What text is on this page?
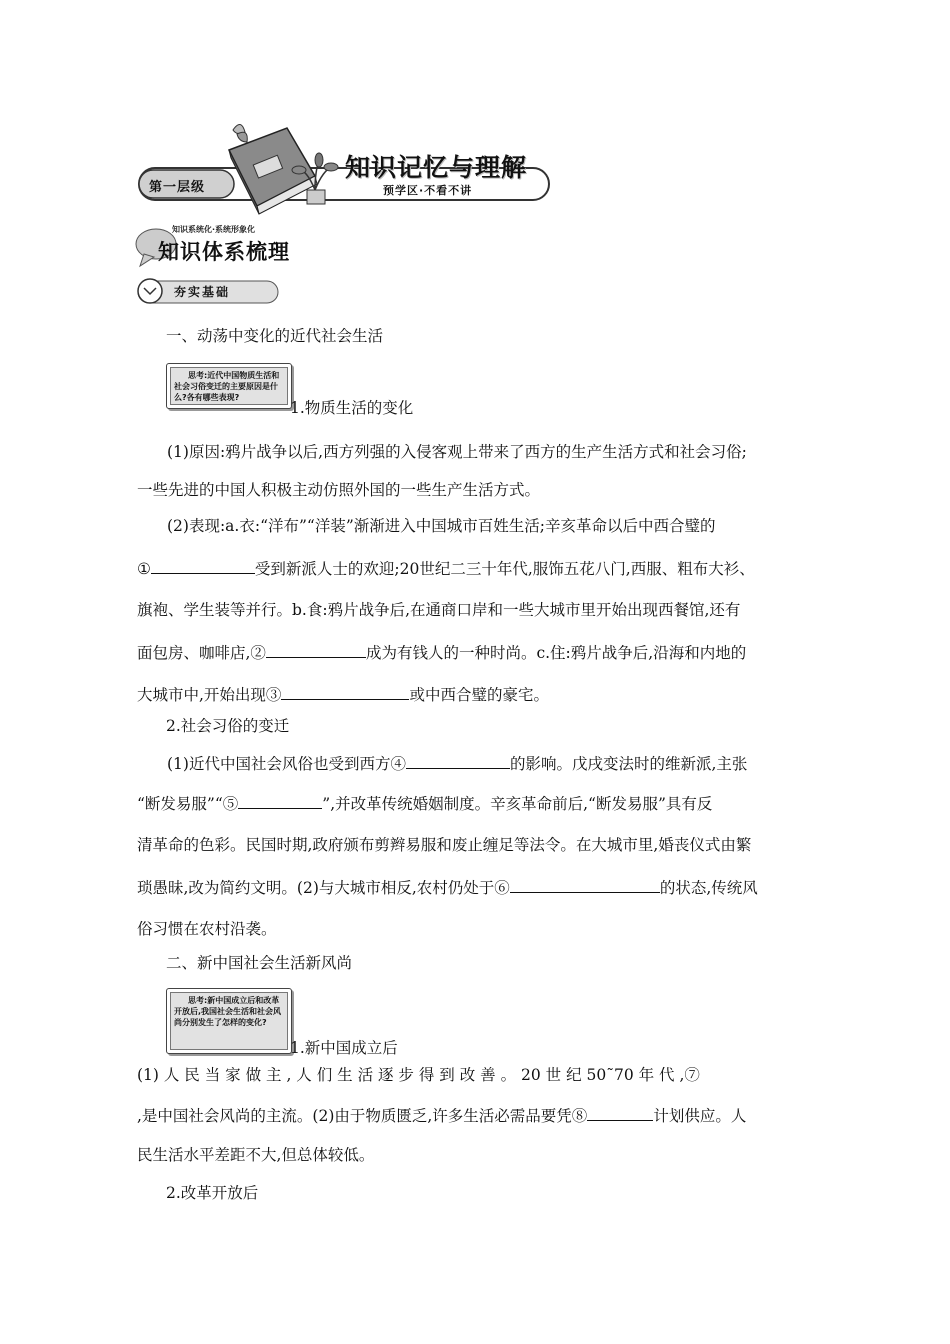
第一层级
知识记忆与理解
预学区·不看不讲
知识系统化·系统形象化
知识体系梳理
夯实基础
一、动荡中变化的近代社会生活
思考:近代中国物质生活和社会习俗变迁的主要原因是什么?各有哪些表现?
1.物质生活的变化
(1)原因:鸦片战争以后,西方列强的入侵客观上带来了西方的生产生活方式和社会习俗;
一些先进的中国人积极主动仿照外国的一些生产生活方式。
(2)表现:a.衣:“洋布”“洋装”渐渐进入中国城市百姓生活;辛亥革命以后中西合璧的
①	受到新派人士的欢迎;20世纪二三十年代,服饰五花八门,西服、粗布大衫、
旗袍、学生装等并行。b.食:鸦片战争后,在通商口岸和一些大城市里开始出现西餐馆,还有
面包房、咖啡店,②	成为有钱人的一种时尚。c.住:鸦片战争后,沿海和内地的
大城市中,开始出现③	或中西合璧的豪宅。
2.社会习俗的变迁
(1)近代中国社会风俗也受到西方④	的影响。戊戌变法时的维新派,主张
“断发易服”“⑤	”,并改革传统婚姻制度。辛亥革命前后,“断发易服”具有反
清革命的色彩。民国时期,政府颁布剪辫易服和废止缠足等法令。在大城市里,婚丧仪式由繁
琐愚昧,改为简约文明。(2)与大城市相反,农村仍处于⑥	的状态,传统风
俗习惯在农村沿袭。
二、新中国社会生活新风尚
思考:新中国成立后和改革开放后,我国社会生活和社会风尚分别发生了怎样的变化?
1.新中国成立后
(1) 人 民 当 家 做 主 , 人 们 生 活 逐 步 得 到 改 善 。 20 世 纪 50˜70 年 代 ,⑦
,是中国社会风尚的主流。(2)由于物质匮乏,许多生活必需品要凭⑧	计划供应。人
民生活水平差距不大,但总体较低。
2.改革开放后
